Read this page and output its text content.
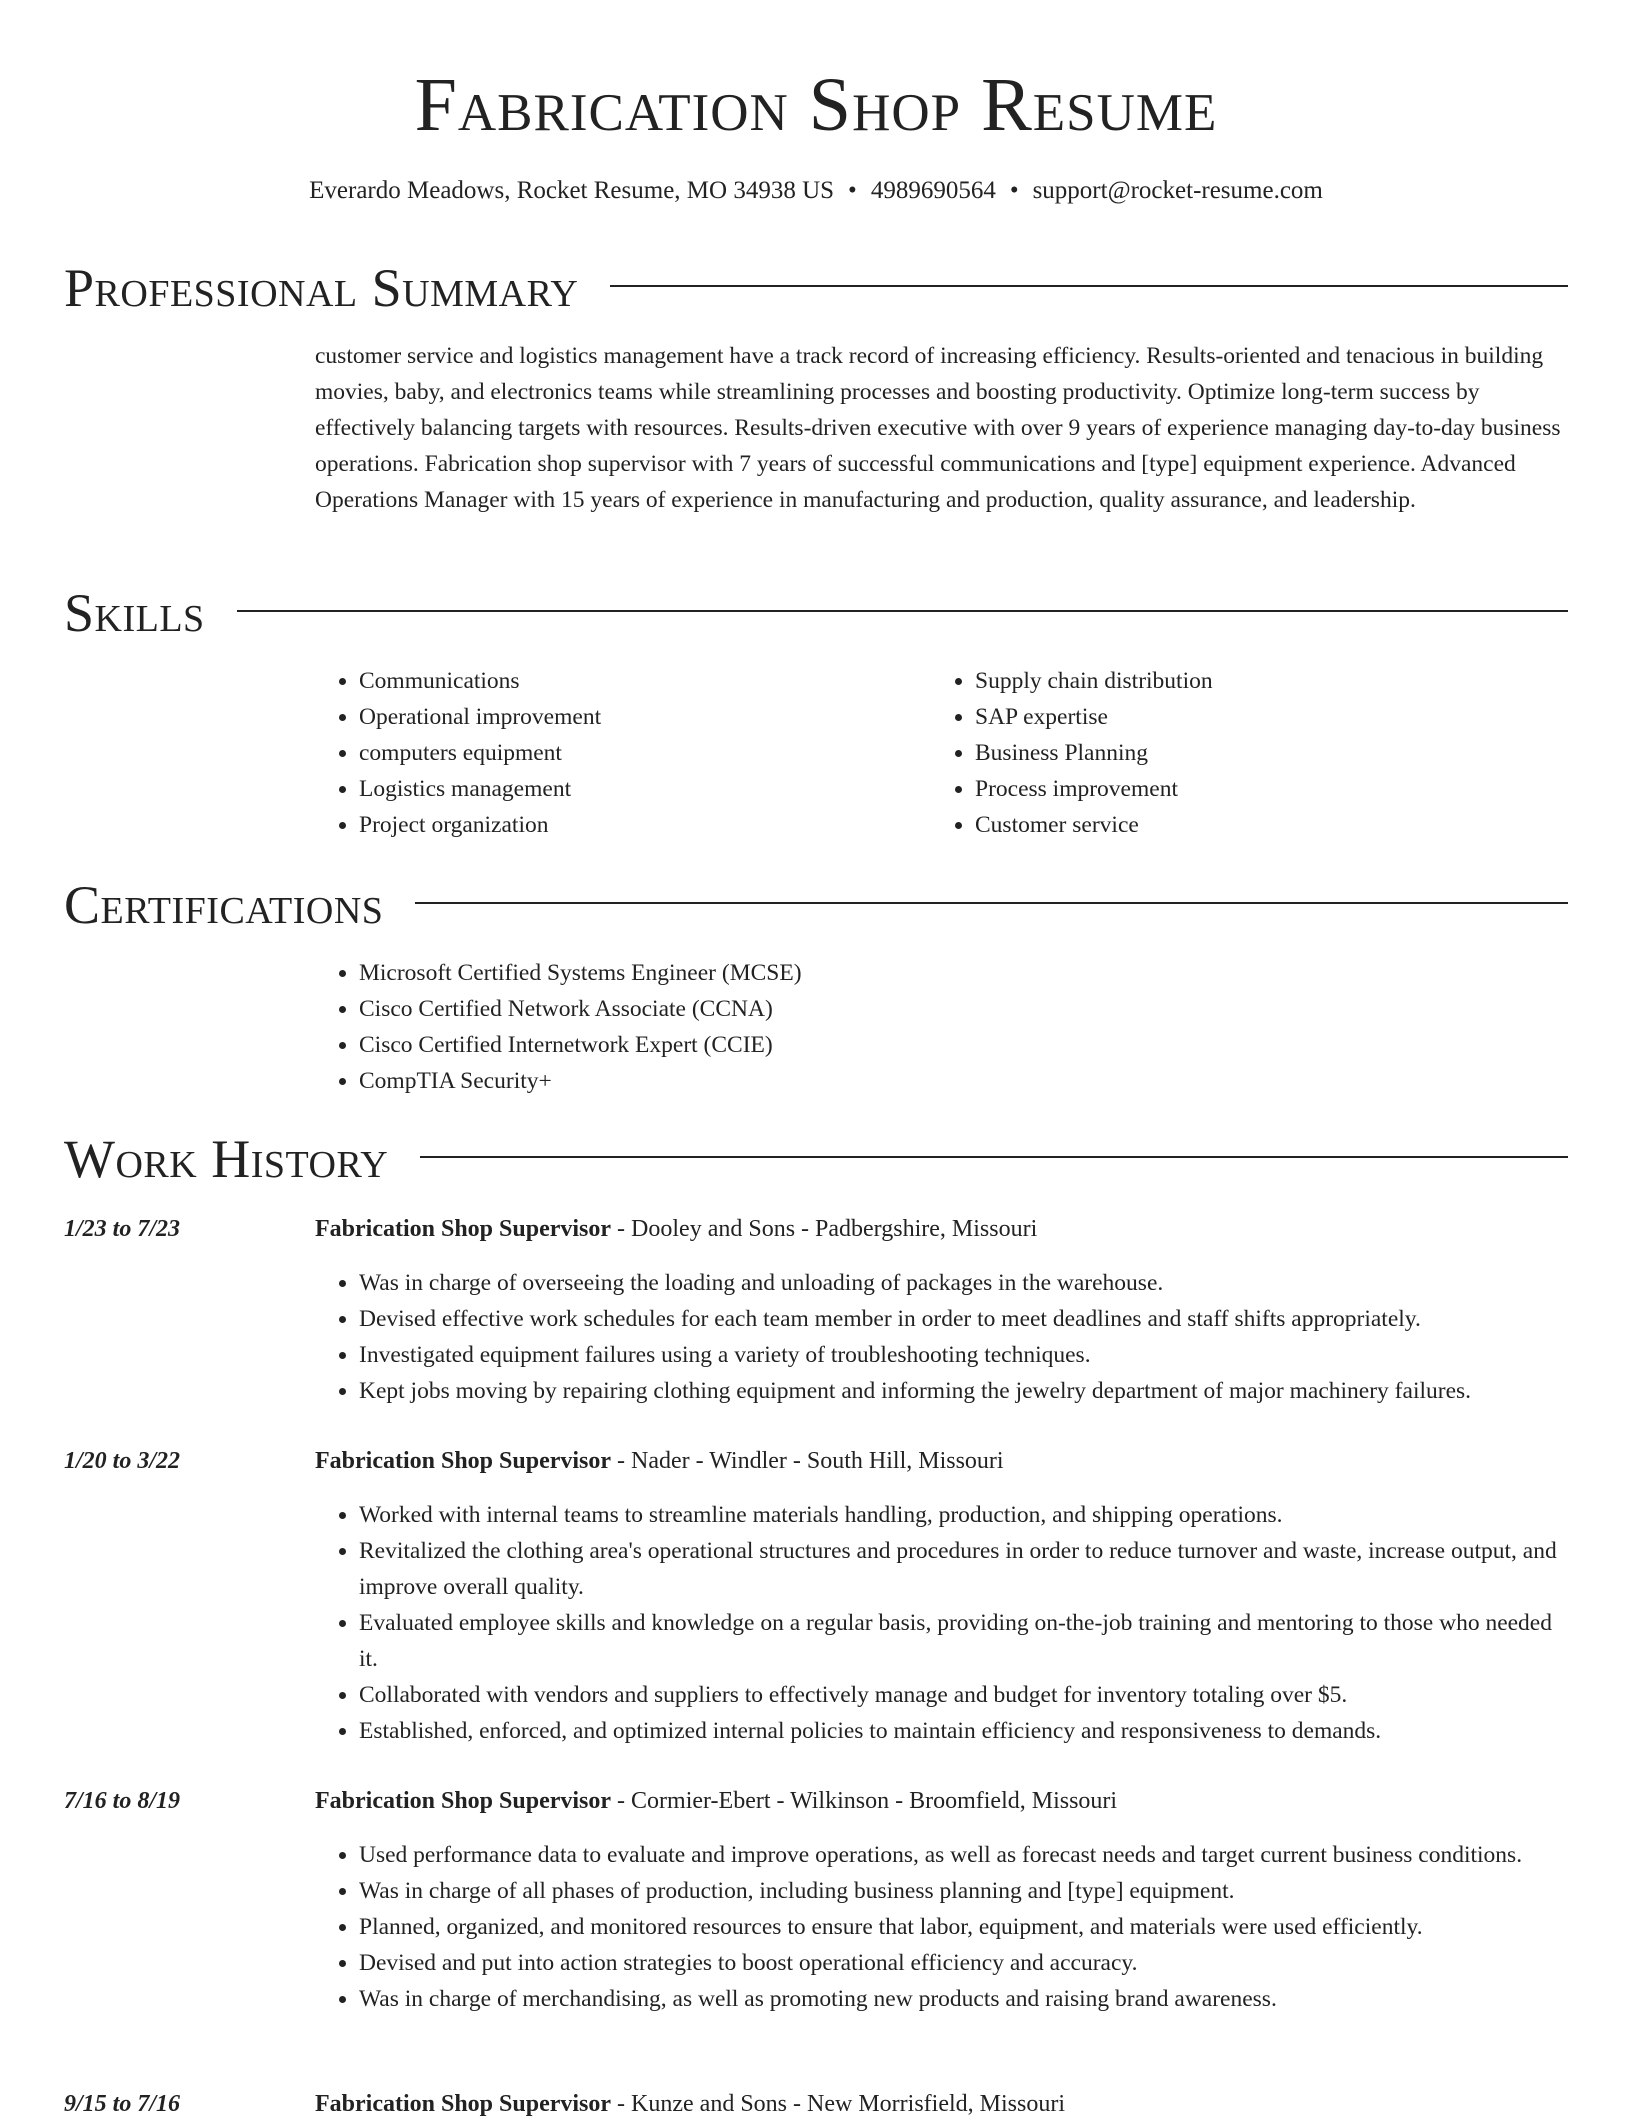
Fabrication Shop Resume
Everardo Meadows, Rocket Resume, MO 34938 US • 4989690564 • support@rocket-resume.com
Professional Summary
customer service and logistics management have a track record of increasing efficiency. Results-oriented and tenacious in building movies, baby, and electronics teams while streamlining processes and boosting productivity. Optimize long-term success by effectively balancing targets with resources. Results-driven executive with over 9 years of experience managing day-to-day business operations. Fabrication shop supervisor with 7 years of successful communications and [type] equipment experience. Advanced Operations Manager with 15 years of experience in manufacturing and production, quality assurance, and leadership.
Skills
• Communications
• Operational improvement
• computers equipment
• Logistics management
• Project organization
• Supply chain distribution
• SAP expertise
• Business Planning
• Process improvement
• Customer service
Certifications
• Microsoft Certified Systems Engineer (MCSE)
• Cisco Certified Network Associate (CCNA)
• Cisco Certified Internetwork Expert (CCIE)
• CompTIA Security+
Work History
1/23 to 7/23	Fabrication Shop Supervisor - Dooley and Sons - Padbergshire, Missouri
• Was in charge of overseeing the loading and unloading of packages in the warehouse.
• Devised effective work schedules for each team member in order to meet deadlines and staff shifts appropriately.
• Investigated equipment failures using a variety of troubleshooting techniques.
• Kept jobs moving by repairing clothing equipment and informing the jewelry department of major machinery failures.
1/20 to 3/22	Fabrication Shop Supervisor - Nader - Windler - South Hill, Missouri
• Worked with internal teams to streamline materials handling, production, and shipping operations.
• Revitalized the clothing area's operational structures and procedures in order to reduce turnover and waste, increase output, and improve overall quality.
• Evaluated employee skills and knowledge on a regular basis, providing on-the-job training and mentoring to those who needed it.
• Collaborated with vendors and suppliers to effectively manage and budget for inventory totaling over $5.
• Established, enforced, and optimized internal policies to maintain efficiency and responsiveness to demands.
7/16 to 8/19	Fabrication Shop Supervisor - Cormier-Ebert - Wilkinson - Broomfield, Missouri
• Used performance data to evaluate and improve operations, as well as forecast needs and target current business conditions.
• Was in charge of all phases of production, including business planning and [type] equipment.
• Planned, organized, and monitored resources to ensure that labor, equipment, and materials were used efficiently.
• Devised and put into action strategies to boost operational efficiency and accuracy.
• Was in charge of merchandising, as well as promoting new products and raising brand awareness.
9/15 to 7/16	Fabrication Shop Supervisor - Kunze and Sons - New Morrisfield, Missouri
